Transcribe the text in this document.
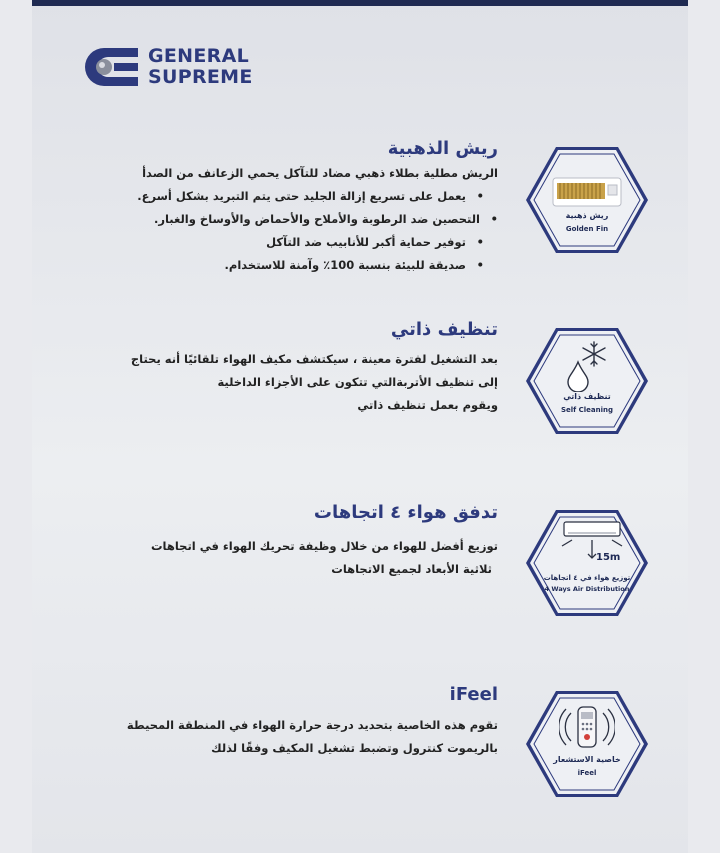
GENERAL
SUPREME
ريش الذهبية
الريش مطلية بطلاء ذهبي مضاد للتآكل يحمي الزعانف من الصدأ
• يعمل على تسريع إزالة الجليد حتى يتم التبريد بشكل أسرع.
• التحصين ضد الرطوبة والأملاح والأحماض والأوساخ والغبار.
• توفير حماية أكبر للأنابيب ضد التآكل
• صديقة للبيئة بنسبة 100٪ وآمنة للاستخدام.
ريش ذهبية
Golden Fin
تنظيف ذاتي
بعد التشغيل لفترة معينة ، سيكتشف مكيف الهواء تلقائيًا أنه يحتاج
إلى تنظيف الأتربةالتي تتكون على الأجزاء الداخلية
ويقوم بعمل تنظيف ذاتي
تنظيف ذاتي
Self Cleaning
تدفق هواء ٤ اتجاهات
توزيع أفضل للهواء من خلال وظيفة تحريك الهواء في اتجاهات
ثلاثية الأبعاد لجميع الاتجاهات
15m
توزيع هواء في ٤ اتجاهات
4 Ways Air Distribution
iFeel
تقوم هذه الخاصية بتحديد درجة حرارة الهواء في المنطقة المحيطة
بالريموت كنترول وتضبط تشغيل المكيف وفقًا لذلك
خاصية الاستشعار
iFeel
